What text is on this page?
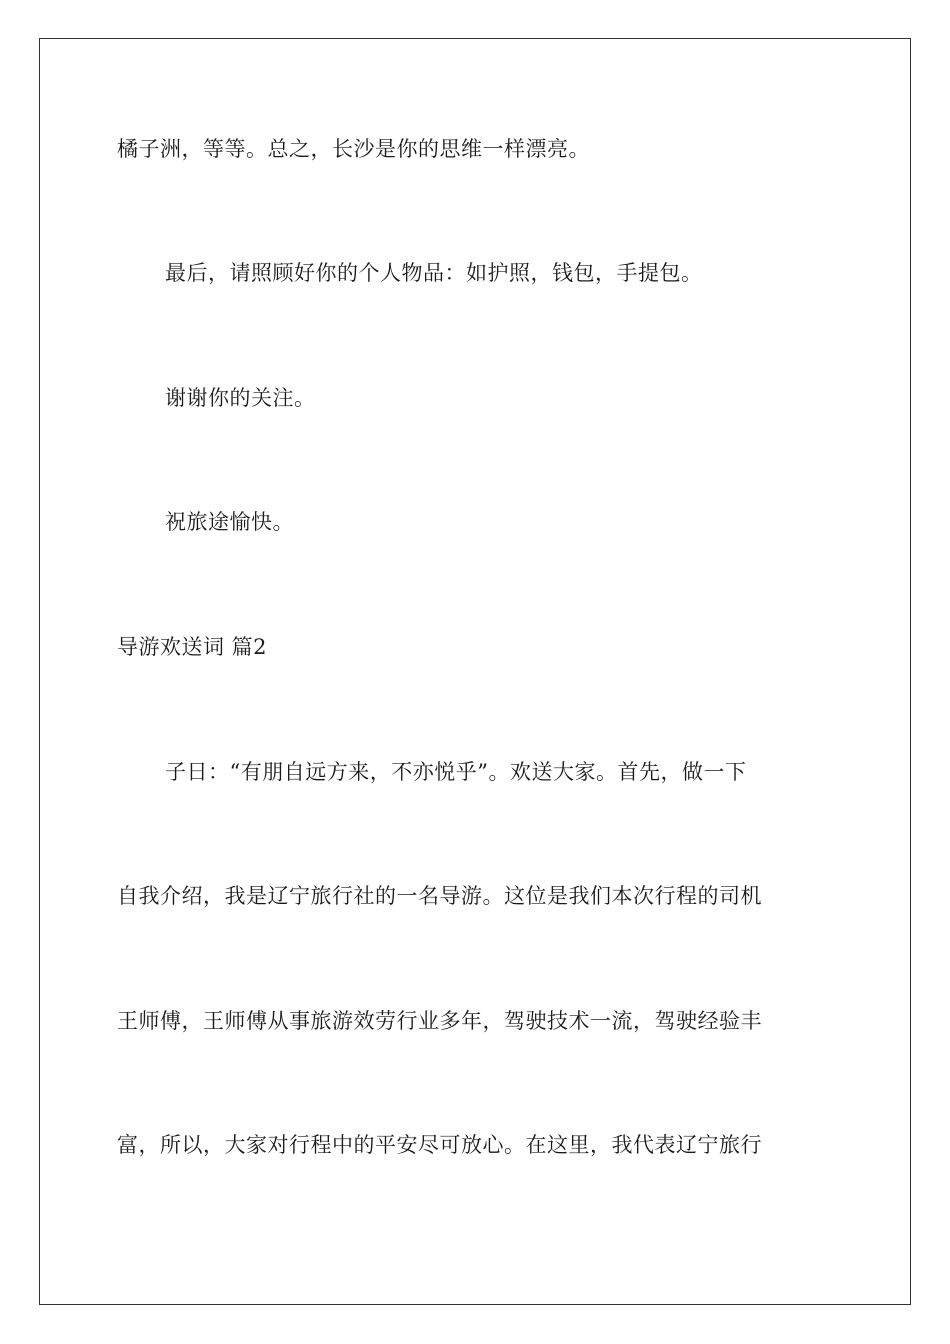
橘子洲，等等。总之，长沙是你的思维一样漂亮。
最后，请照顾好你的个人物品：如护照，钱包，手提包。
谢谢你的关注。
祝旅途愉快。
导游欢送词 篇2
子日：“有朋自远方来，不亦悦乎”。欢送大家。首先，做一下
自我介绍，我是辽宁旅行社的一名导游。这位是我们本次行程的司机
王师傅，王师傅从事旅游效劳行业多年，驾驶技术一流，驾驶经验丰
富，所以，大家对行程中的平安尽可放心。在这里，我代表辽宁旅行
